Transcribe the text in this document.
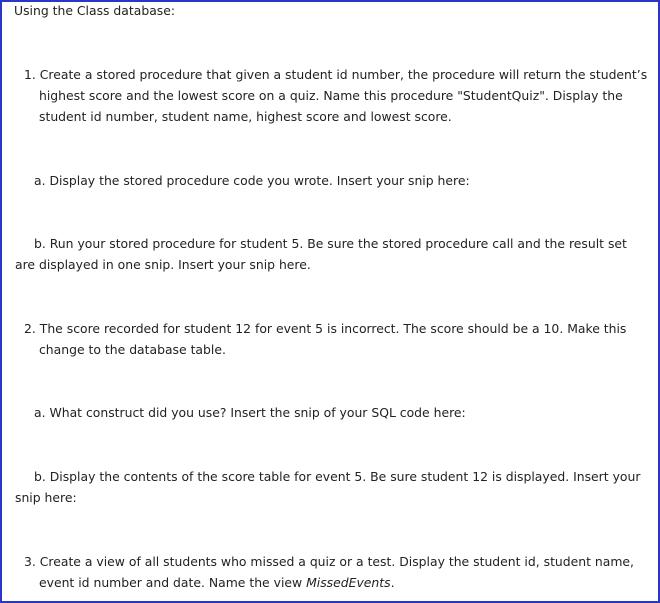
Using the Class database:

1. Create a stored procedure that given a student id number, the procedure will return the student’s

highest score and the lowest score on a quiz. Name this procedure "StudentQuiz". Display the

student id number, student name, highest score and lowest score.

a. Display the stored procedure code you wrote. Insert your snip here:

b. Run your stored procedure for student 5. Be sure the stored procedure call and the result set

are displayed in one snip. Insert your snip here.

2. The score recorded for student 12 for event 5 is incorrect. The score should be a 10. Make this

change to the database table.

a. What construct did you use? Insert the snip of your SQL code here:

b. Display the contents of the score table for event 5. Be sure student 12 is displayed. Insert your

snip here:

3. Create a view of all students who missed a quiz or a test. Display the student id, student name,

event id number and date. Name the view MissedEvents.
